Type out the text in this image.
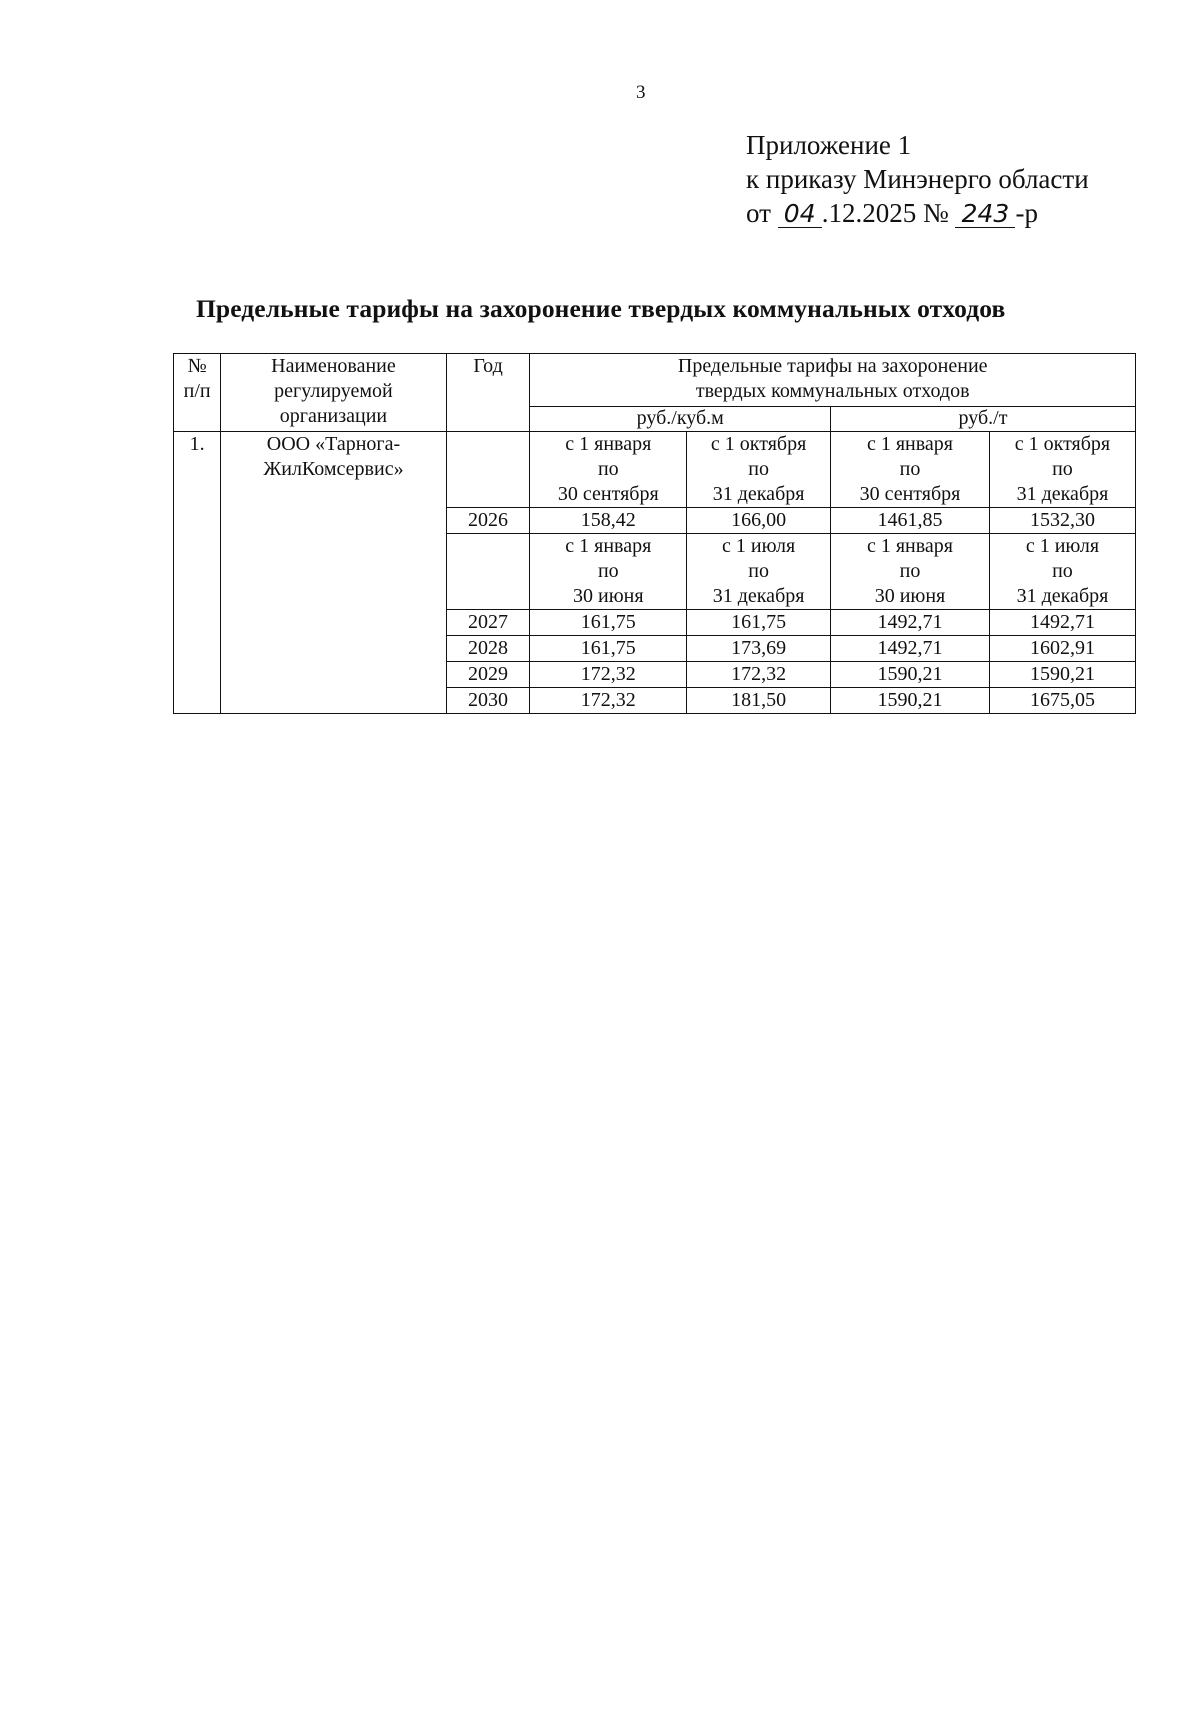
3
Приложение 1
к приказу Минэнерго области
от 04 .12.2025 № 243 -р
Предельные тарифы на захоронение твердых коммунальных отходов
№
п/п	Наименование
регулируемой
организации	Год	Предельные тарифы на захоронение
твердых коммунальных отходов			

			руб./куб.м		руб./т	
1.	ООО «Тарнога-
ЖилКомсервис»		с 1 января
по
30 сентября	с 1 октября
по
31 декабря	с 1 января
по
30 сентября	с 1 октября
по
31 декабря

		2026	158,42	166,00	1461,85	1532,30

			с 1 января
по
30 июня	с 1 июля
по
31 декабря	с 1 января
по
30 июня	с 1 июля
по
31 декабря

		2027	161,75	161,75	1492,71	1492,71
		2028	161,75	173,69	1492,71	1602,91
		2029	172,32	172,32	1590,21	1590,21
		2030	172,32	181,50	1590,21	1675,05
